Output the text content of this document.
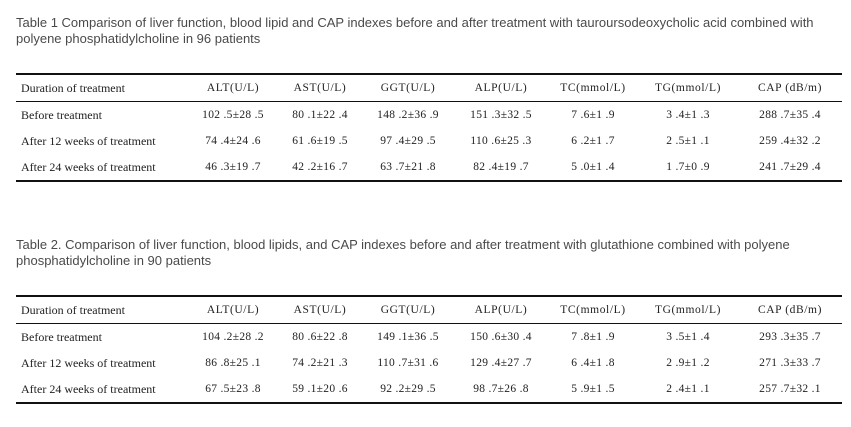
Table 1 Comparison of liver function, blood lipid and CAP indexes before and after treatment with tauroursodeoxycholic acid combined with polyene phosphatidylcholine in 96 patients
Duration of treatment	ALT(U/L)	AST(U/L)	GGT(U/L)	ALP(U/L)	TC(mmol/L)	TG(mmol/L)	CAP (dB/m)
Before treatment	102 .5±28 .5	80 .1±22 .4	148 .2±36 .9	151 .3±32 .5	7 .6±1 .9	3 .4±1 .3	288 .7±35 .4
After 12 weeks of treatment	74 .4±24 .6	61 .6±19 .5	97 .4±29 .5	110 .6±25 .3	6 .2±1 .7	2 .5±1 .1	259 .4±32 .2
After 24 weeks of treatment	46 .3±19 .7	42 .2±16 .7	63 .7±21 .8	82 .4±19 .7	5 .0±1 .4	1 .7±0 .9	241 .7±29 .4
Table 2. Comparison of liver function, blood lipids, and CAP indexes before and after treatment with glutathione combined with polyene phosphatidylcholine in 90 patients
Duration of treatment	ALT(U/L)	AST(U/L)	GGT(U/L)	ALP(U/L)	TC(mmol/L)	TG(mmol/L)	CAP (dB/m)
Before treatment	104 .2±28 .2	80 .6±22 .8	149 .1±36 .5	150 .6±30 .4	7 .8±1 .9	3 .5±1 .4	293 .3±35 .7
After 12 weeks of treatment	86 .8±25 .1	74 .2±21 .3	110 .7±31 .6	129 .4±27 .7	6 .4±1 .8	2 .9±1 .2	271 .3±33 .7
After 24 weeks of treatment	67 .5±23 .8	59 .1±20 .6	92 .2±29 .5	98 .7±26 .8	5 .9±1 .5	2 .4±1 .1	257 .7±32 .1
